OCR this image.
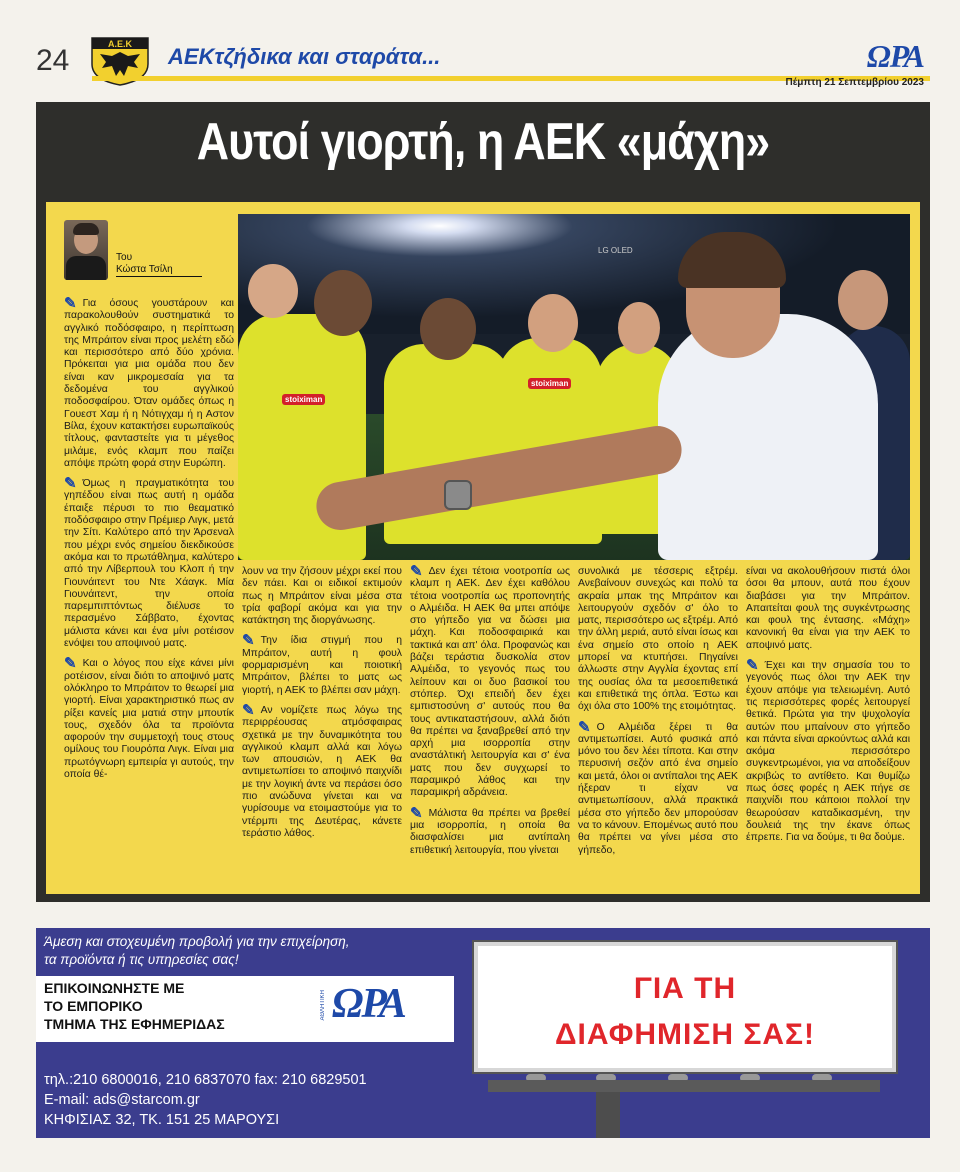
24	Α.Ε.Κ AEKτζήδικα και σταράτα...	ΩΡΑ
Πέμπτη 21 Σεπτεμβρίου 2023
Αυτοί γιορτή, η ΑΕΚ «μάχη»
Του
Κώστα Τσίλη
LG OLED
stoiximan
stoiximan

✎ Για όσους γουστάρουν και παρακολουθούν συστηματικά το αγγλικό ποδόσφαιρο, η περίπτωση της Μπράιτον είναι προς μελέτη εδώ και περισσότερο από δύο χρόνια. Πρόκειται για μια ομάδα που δεν είναι καν μικρομεσαία για τα δεδομένα του αγγλικού ποδοσφαίρου. Όταν ομάδες όπως η Γουεστ Χαμ ή η Νότιγχαμ ή η Αστον Βίλα, έχουν κατακτήσει ευρωπαϊκούς τίτλους, φανταστείτε για τι μέγεθος μιλάμε, ενός κλαμπ που παίζει απόψε πρώτη φορά στην Ευρώπη.

✎ Όμως η πραγματικότητα του γηπέδου είναι πως αυτή η ομάδα έπαιξε πέρυσι το πιο θεαματικό ποδόσφαιρο στην Πρέμιερ Λιγκ, μετά την Σίτι. Καλύτερο από την Άρσεναλ που μέχρι ενός σημείου διεκδικούσε ακόμα και το πρωτάθλημα, καλύτερο από την Λίβερπουλ του Κλοπ ή την Γιουνάιτεντ του Ντε Χάαγκ. Μία Γιουνάιτεντ, την οποία παρεμπιπτόντως διέλυσε το περασμένο Σάββατο, έχοντας μάλιστα κάνει και ένα μίνι ροτέισον ενόψει του αποψινού ματς.

✎ Και ο λόγος που είχε κάνει μίνι ροτέισον, είναι διότι το αποψινό ματς ολόκληρο το Μπράιτον το θεωρεί μια γιορτή. Είναι χαρακτηριστικό πως αν ρίξει κανείς μια ματιά στην μπουτίκ τους, σχεδόν όλα τα προϊόντα αφορούν την συμμετοχή τους στους ομίλους του Γιουρόπα Λιγκ. Είναι μια πρωτόγνωρη εμπειρία γι αυτούς, την οποία θέ-

λουν να την ζήσουν μέχρι εκεί που δεν πάει. Και οι ειδικοί εκτιμούν πως η Μπράιτον είναι μέσα στα τρία φαβορί ακόμα και για την κατάκτηση της διοργάνωσης.

✎ Την ίδια στιγμή που η Μπράιτον, αυτή η φουλ φορμαρισμένη και ποιοτική Μπράιτον, βλέπει το ματς ως γιορτή, η ΑΕΚ το βλέπει σαν μάχη.

✎ Αν νομίζετε πως λόγω της περιρρέουσας ατμόσφαιρας σχετικά με την δυναμικότητα του αγγλικού κλαμπ αλλά και λόγω των απουσιών, η ΑΕΚ θα αντιμετωπίσει το αποψινό παιχνίδι με την λογική άντε να περάσει όσο πιο ανώδυνα γίνεται και να γυρίσουμε να ετοιμαστούμε για το ντέρμπι της Δευτέρας, κάνετε τεράστιο λάθος.

✎ Δεν έχει τέτοια νοοτροπία ως κλαμπ η ΑΕΚ. Δεν έχει καθόλου τέτοια νοοτροπία ως προπονητής ο Αλμέιδα. Η ΑΕΚ θα μπει απόψε στο γήπεδο για να δώσει μια μάχη. Και ποδοσφαιρικά και τακτικά και απ' όλα. Προφανώς και βάζει τεράστια δυσκολία στον Αλμέιδα, το γεγονός πως του λείπουν και οι δυο βασικοί του στόπερ. Όχι επειδή δεν έχει εμπιστοσύνη σ' αυτούς που θα τους αντικαταστήσουν, αλλά διότι θα πρέπει να ξαναβρεθεί από την αρχή μια ισορροπία στην αναστάλτική λειτουργία και σ' ένα ματς που δεν συγχωρεί το παραμικρό λάθος και την παραμικρή αδράνεια.

✎ Μάλιστα θα πρέπει να βρεθεί μια ισορροπία, η οποία θα διασφαλίσει μια αντίπαλη επιθετική λειτουργία, που γίνεται

συνολικά με τέσσερις εξτρέμ. Ανεβαίνουν συνεχώς και πολύ τα ακραία μπακ της Μπράιτον και λειτουργούν σχεδόν σ' όλο το ματς, περισσότερο ως εξτρέμ. Από την άλλη μεριά, αυτό είναι ίσως και ένα σημείο στο οποίο η ΑΕΚ μπορεί να κτυπήσει. Πηγαίνει άλλωστε στην Αγγλία έχοντας επί της ουσίας όλα τα μεσοεπιθετικά και επιθετικά της όπλα. Έστω και όχι όλα στο 100% της ετοιμότητας.

✎ Ο Αλμέιδα ξέρει τι θα αντιμετωπίσει. Αυτό φυσικά από μόνο του δεν λέει τίποτα. Και στην περυσινή σεζόν από ένα σημείο και μετά, όλοι οι αντίπαλοι της ΑΕΚ ήξεραν τι είχαν να αντιμετωπίσουν, αλλά πρακτικά μέσα στο γήπεδο δεν μπορούσαν να το κάνουν. Επομένως αυτό που θα πρέπει να γίνει μέσα στο γήπεδο,

είναι να ακολουθήσουν πιστά όλοι όσοι θα μπουν, αυτά που έχουν διαβάσει για την Μπράιτον. Απαιτείται φουλ της συγκέντρωσης και φουλ της έντασης. «Μάχη» κανονική θα είναι για την ΑΕΚ το αποψινό ματς.

✎ Έχει και την σημασία του το γεγονός πως όλοι την ΑΕΚ την έχουν απόψε για τελειωμένη. Αυτό τις περισσότερες φορές λειτουργεί θετικά. Πρώτα για την ψυχολογία αυτών που μπαίνουν στο γήπεδο και πάντα είναι αρκούντως αλλά και ακόμα περισσότερο συγκεντρωμένοι, για να αποδείξουν ακριβώς το αντίθετο. Και θυμίζω πως όσες φορές η ΑΕΚ πήγε σε παιχνίδι που κάποιοι πολλοί την θεωρούσαν καταδικασμένη, την δουλειά της την έκανε όπως έπρεπε. Για να δούμε, τι θα δούμε.

Άμεση και στοχευμένη προβολή για την επιχείρηση,
τα προϊόντα ή τις υπηρεσίες σας!
ΕΠΙΚΟΙΝΩΝΗΣΤΕ ΜΕ
ΤΟ ΕΜΠΟΡΙΚΟ
ΤΜΗΜΑ ΤΗΣ ΕΦΗΜΕΡΙΔΑΣ
ΑΘΛΗΤΙΚΗ ΩΡΑ
τηλ.:210 6800016, 210 6837070 fax: 210 6829501
E-mail: ads@starcom.gr
ΚΗΦΙΣΙΑΣ 32, ΤΚ. 151 25 ΜΑΡΟΥΣΙ
ΓΙΑ ΤΗ
ΔΙΑΦΗΜΙΣΗ ΣΑΣ!
